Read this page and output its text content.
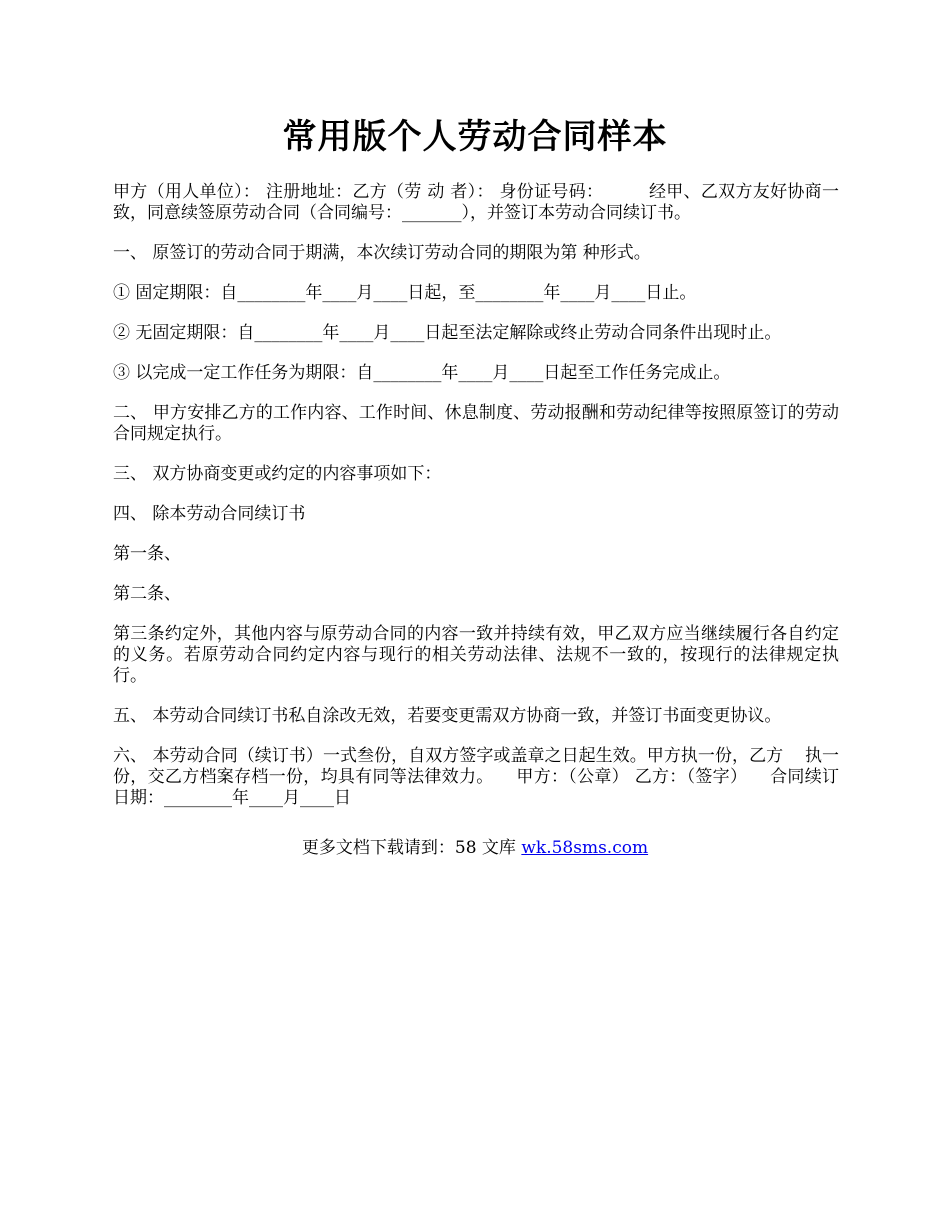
常用版个人劳动合同样本

甲方（用人单位）： 注册地址：乙方（劳 动 者）： 身份证号码：        经甲、乙双方友好协商一致，同意续签原劳动合同（合同编号：_______），并签订本劳动合同续订书。

一、 原签订的劳动合同于期满，本次续订劳动合同的期限为第 种形式。

① 固定期限：自________年____月____日起，至________年____月____日止。

② 无固定期限：自________年____月____日起至法定解除或终止劳动合同条件出现时止。

③ 以完成一定工作任务为期限：自________年____月____日起至工作任务完成止。

二、 甲方安排乙方的工作内容、工作时间、休息制度、劳动报酬和劳动纪律等按照原签订的劳动合同规定执行。

三、 双方协商变更或约定的内容事项如下：

四、 除本劳动合同续订书

第一条、

第二条、

第三条约定外，其他内容与原劳动合同的内容一致并持续有效，甲乙双方应当继续履行各自约定的义务。若原劳动合同约定内容与现行的相关劳动法律、法规不一致的，按现行的法律规定执行。

五、 本劳动合同续订书私自涂改无效，若要变更需双方协商一致，并签订书面变更协议。

六、 本劳动合同（续订书）一式叁份，自双方签字或盖章之日起生效。甲方执一份，乙方    执一份，交乙方档案存档一份，均具有同等法律效力。    甲方：（公章） 乙方：（签字）    合同续订日期：________年____月____日

更多文档下载请到：58 文库 wk.58sms.com
